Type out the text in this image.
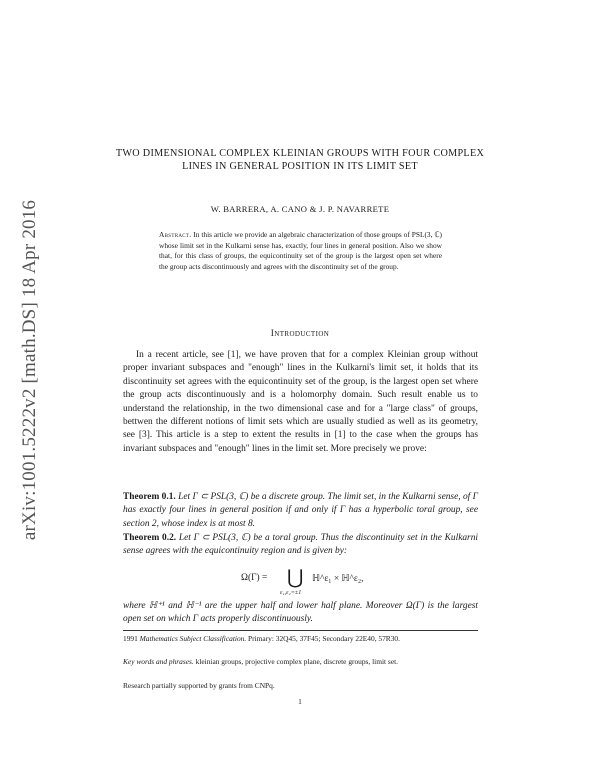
arXiv:1001.5222v2 [math.DS] 18 Apr 2016
TWO DIMENSIONAL COMPLEX KLEINIAN GROUPS WITH FOUR COMPLEX LINES IN GENERAL POSITION IN ITS LIMIT SET
W. BARRERA, A. CANO & J. P. NAVARRETE
Abstract. In this article we provide an algebraic characterization of those groups of PSL(3, ℂ) whose limit set in the Kulkarni sense has, exactly, four lines in general position. Also we show that, for this class of groups, the equicontinuity set of the group is the largest open set where the group acts discontinuously and agrees with the discontinuity set of the group.
Introduction
In a recent article, see [1], we have proven that for a complex Kleinian group without proper invariant subspaces and "enough" lines in the Kulkarni's limit set, it holds that its discontinuity set agrees with the equicontinuity set of the group, is the largest open set where the group acts discontinuously and is a holomorphy domain. Such result enable us to understand the relationship, in the two dimensional case and for a "large class" of groups, bettwen the different notions of limit sets which are usually studied as well as its geometry, see [3]. This article is a step to extent the results in [1] to the case when the groups has invariant subspaces and "enough" lines in the limit set. More precisely we prove:
Theorem 0.1. Let Γ ⊂ PSL(3, ℂ) be a discrete group. The limit set, in the Kulkarni sense, of Γ has exactly four lines in general position if and only if Γ has a hyperbolic toral group, see section 2, whose index is at most 8.
Theorem 0.2. Let Γ ⊂ PSL(3, ℂ) be a toral group. Thus the discontinuity set in the Kulkarni sense agrees with the equicontinuity region and is given by:
Ω(Γ) = ⋃
ε₁,ε₂=±1
ℍ^ε₁ × ℍ^ε₂,
where ℍ⁺¹ and ℍ⁻¹ are the upper half and lower half plane. Moreover Ω(Γ) is the largest open set on which Γ acts properly discontinuously.
1991 Mathematics Subject Classification. Primary: 32Q45, 37F45; Secondary 22E40, 57R30.
Key words and phrases. kleinian groups, projective complex plane, discrete groups, limit set.
Research partially supported by grants from CNPq.
1
